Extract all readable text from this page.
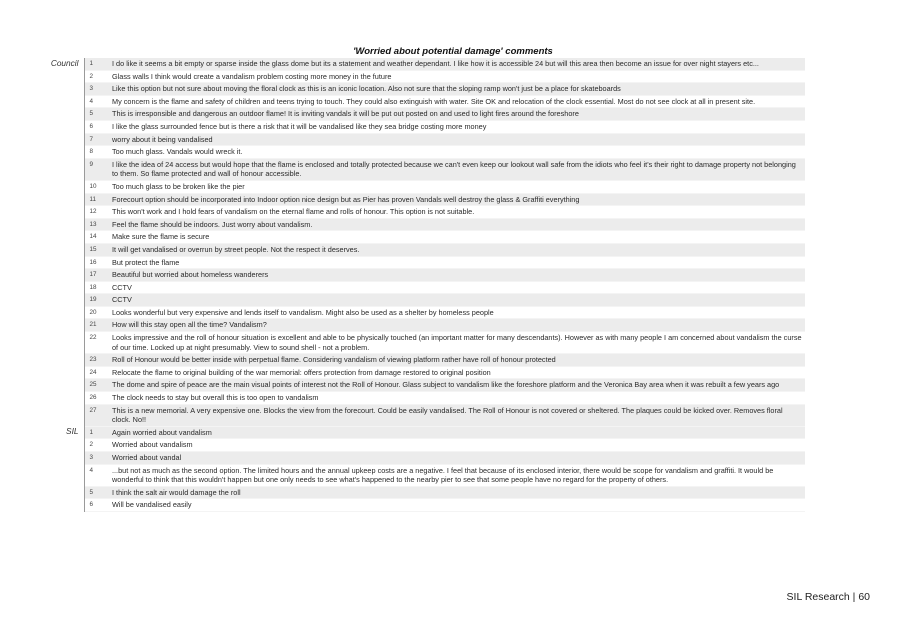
'Worried about potential damage' comments
Council	1	I do like it seems a bit empty or sparse inside the glass dome but its a statement and weather dependant. I like how it is accessible 24 but will this area then become an issue for over night stayers etc...
	2	Glass walls I think would create a vandalism problem costing more money in the future
	3	Like this option but not sure about moving the floral clock as this is an iconic location. Also not sure that the sloping ramp won't just be a place for skateboards
	4	My concern is the flame and safety of children and teens trying to touch. They could also extinguish with water. Site OK and relocation of the clock essential. Most do not see clock at all in present site.
	5	This is irresponsible and dangerous an outdoor flame! It is inviting vandals it will be put out posted on and used to light fires around the foreshore
	6	I like the glass surrounded fence but is there a risk that it will be vandalised like they sea bridge costing more money
	7	worry about it being vandalised
	8	Too much glass. Vandals would wreck it.
	9	I like the idea of 24 access but would hope that the flame is enclosed and totally protected because we can't even keep our lookout wall safe from the idiots who feel it's their right to damage property not belonging to them. So flame protected and wall of honour accessible.
	10	Too much glass to be broken like the pier
	11	Forecourt option should be incorporated into Indoor option nice design but as Pier has proven Vandals well destroy the glass & Graffiti everything
	12	This won't work and I hold fears of vandalism on the eternal flame and rolls of honour. This option is not suitable.
	13	Feel the flame should be indoors. Just worry about vandalism.
	14	Make sure the flame is secure
	15	It will get vandalised or overrun by street people. Not the respect it deserves.
	16	But protect the flame
	17	Beautiful but worried about homeless wanderers
	18	CCTV
	19	CCTV
	20	Looks wonderful but very expensive and lends itself to vandalism. Might also be used as a shelter by homeless people
	21	How will this stay open all the time? Vandalism?
	22	Looks impressive and the roll of honour situation is excellent and able to be physically touched (an important matter for many descendants). However as with many people I am concerned about vandalism the curse of our time. Locked up at night presumably. View to sound shell - not a problem.
	23	Roll of Honour would be better inside with perpetual flame. Considering vandalism of viewing platform rather have roll of honour protected
	24	Relocate the flame to original building of the war memorial: offers protection from damage restored to original position
	25	The dome and spire of peace are the main visual points of interest not the Roll of Honour. Glass subject to vandalism like the foreshore platform and the Veronica Bay area when it was rebuilt a few years ago
	26	The clock needs to stay but overall this is too open to vandalism
	27	This is a new memorial. A very expensive one. Blocks the view from the forecourt. Could be easily vandalised. The Roll of Honour is not covered or sheltered. The plaques could be kicked over. Removes floral clock. No!!
SIL	1	Again worried about vandalism
	2	Worried about vandalism
	3	Worried about vandal
	4	...but not as much as the second option. The limited hours and the annual upkeep costs are a negative. I feel that because of its enclosed interior, there would be scope for vandalism and graffiti. It would be wonderful to think that this wouldn't happen but one only needs to see what's happened to the nearby pier to see that some people have no regard for the property of others.
	5	I think the salt air would damage the roll
	6	Will be vandalised easily
SIL Research | 60
